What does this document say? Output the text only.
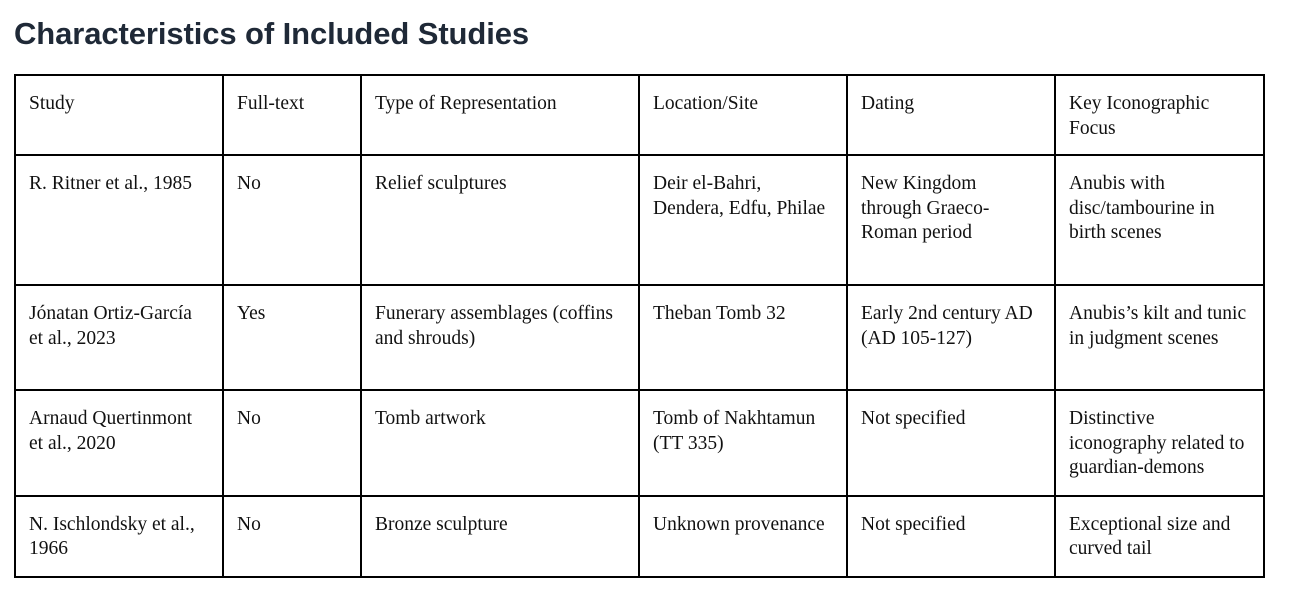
Characteristics of Included Studies
Study	Full-text	Type of Representation	Location/Site	Dating	Key Iconographic Focus
R. Ritner et al., 1985	No	Relief sculptures	Deir el-Bahri, Dendera, Edfu, Philae	New Kingdom through Graeco-Roman period	Anubis with disc/tambourine in birth scenes
Jónatan Ortiz-García et al., 2023	Yes	Funerary assemblages (coffins and shrouds)	Theban Tomb 32	Early 2nd century AD (AD 105-127)	Anubis’s kilt and tunic in judgment scenes
Arnaud Quertinmont et al., 2020	No	Tomb artwork	Tomb of Nakhtamun (TT 335)	Not specified	Distinctive iconography related to guardian-demons
N. Ischlondsky et al., 1966	No	Bronze sculpture	Unknown provenance	Not specified	Exceptional size and curved tail
